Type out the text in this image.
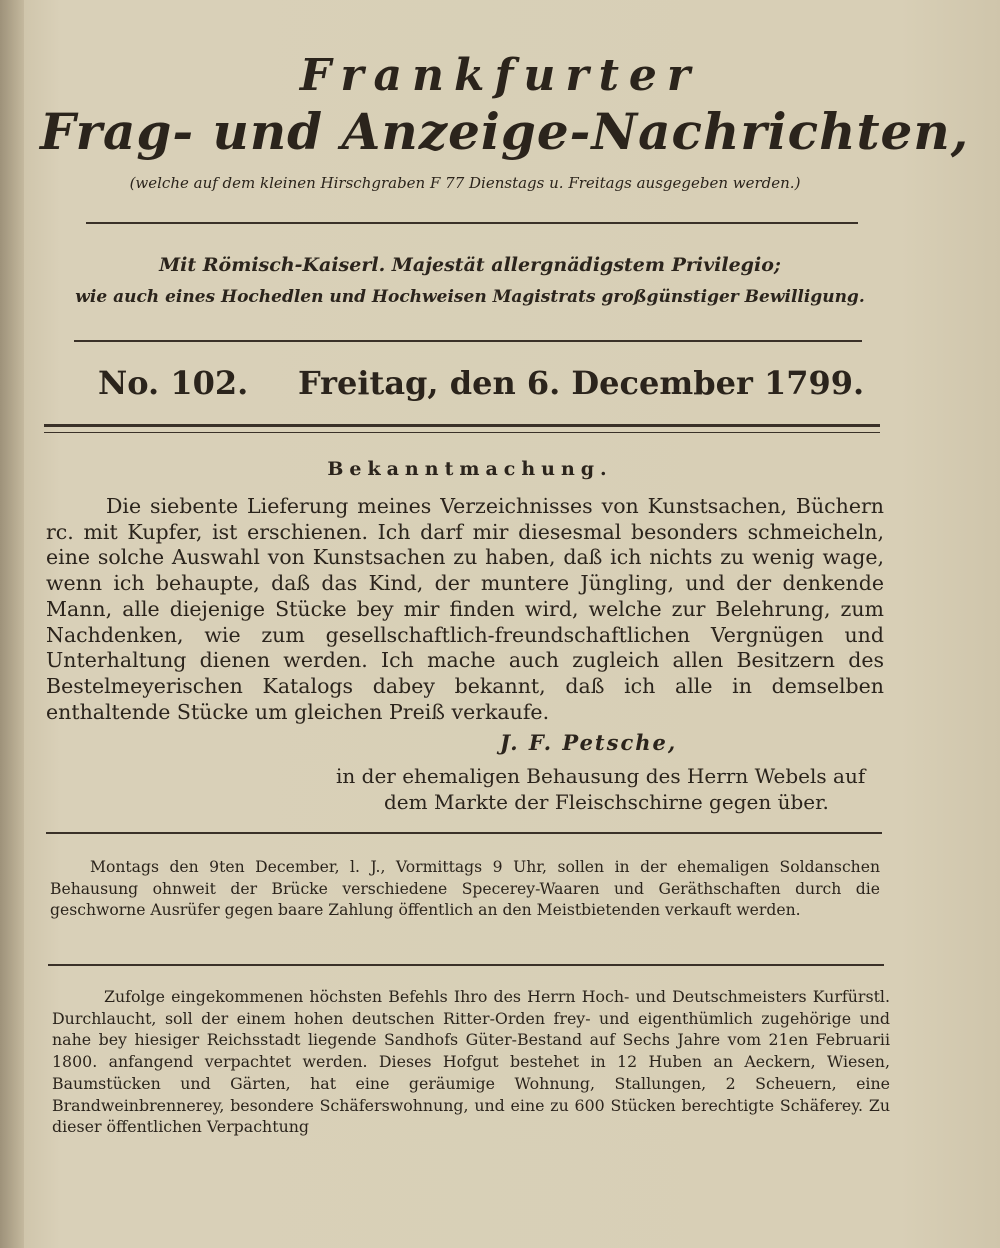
Frankfurter
Frag- und Anzeige-Nachrichten,
(welche auf dem kleinen Hirschgraben F 77 Dienstags u. Freitags ausgegeben werden.)
Mit Römisch-Kaiserl. Majestät allergnädigstem Privilegio;
wie auch eines Hochedlen und Hochweisen Magistrats großgünstiger Bewilligung.
No. 102. Freitag, den 6. December 1799.
Bekanntmachung.
Die siebente Lieferung meines Verzeichnisses von Kunstsachen, Büchern rc. mit Kupfer, ist erschienen. Ich darf mir diesesmal besonders schmeicheln, eine solche Auswahl von Kunstsachen zu haben, daß ich nichts zu wenig wage, wenn ich behaupte, daß das Kind, der muntere Jüngling, und der denkende Mann, alle diejenige Stücke bey mir finden wird, welche zur Belehrung, zum Nachdenken, wie zum gesellschaftlich-freundschaftlichen Vergnügen und Unterhaltung dienen werden. Ich mache auch zugleich allen Besitzern des Bestelmeyerischen Katalogs dabey bekannt, daß ich alle in demselben enthaltende Stücke um gleichen Preiß verkaufe.
J. F. Petsche,
in der ehemaligen Behausung des Herrn Webels auf
dem Markte der Fleischschirne gegen über.
Montags den 9ten December, l. J., Vormittags 9 Uhr, sollen in der ehemaligen Soldanschen Behausung ohnweit der Brücke verschiedene Specerey-Waaren und Geräthschaften durch die geschworne Ausrüfer gegen baare Zahlung öffentlich an den Meistbietenden verkauft werden.
Zufolge eingekommenen höchsten Befehls Ihro des Herrn Hoch- und Deutschmeisters Kurfürstl. Durchlaucht, soll der einem hohen deutschen Ritter-Orden frey- und eigenthümlich zugehörige und nahe bey hiesiger Reichsstadt liegende Sandhofs Güter-Bestand auf Sechs Jahre vom 21en Februarii 1800. anfangend verpachtet werden. Dieses Hofgut bestehet in 12 Huben an Aeckern, Wiesen, Baumstücken und Gärten, hat eine geräumige Wohnung, Stallungen, 2 Scheuern, eine Brandweinbrennerey, besondere Schäferswohnung, und eine zu 600 Stücken berechtigte Schäferey. Zu dieser öffentlichen Verpachtung
